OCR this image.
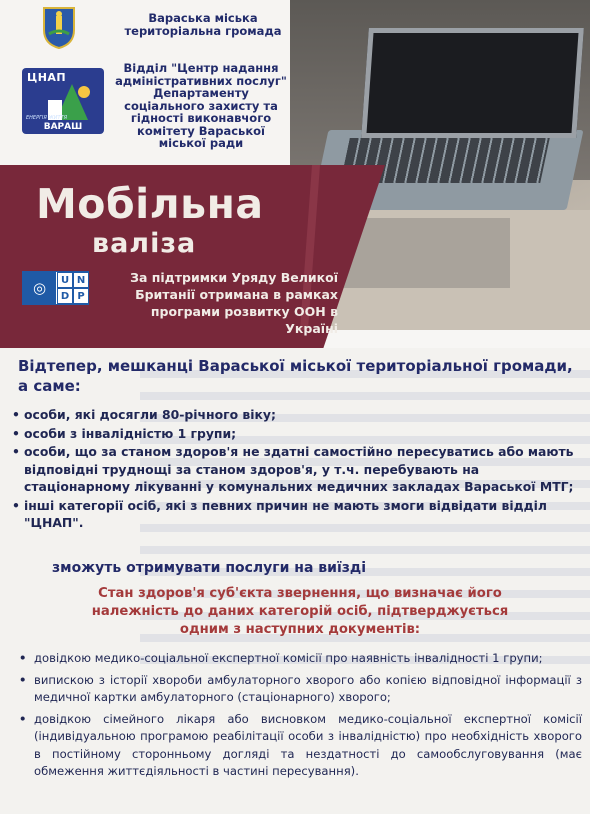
Вараська міська
територіальна громада
ЦНАП
ЕНЕРГІЯ ЖИТТЯ
ВАРАШ
Відділ "Центр надання
адміністративних послуг"
Департаменту
соціального захисту та
гідності виконавчого
комітету Вараської
міської ради
Мобільна
валіза
◎	U N
D P
За підтримки Уряду Великої
Британії отримана в рамках
програми розвитку ООН в Україні
Відтепер, мешканці Вараської міської територіальної громади, а саме:
• особи, які досягли 80-річного віку;
• особи з інвалідністю 1 групи;
• особи, що за станом здоров'я не здатні самостійно пересуватись або мають відповідні труднощі за станом здоров'я, у т.ч. перебувають на стаціонарному лікуванні у комунальних медичних закладах Вараської МТГ;
• інші категорії осіб, які з певних причин не мають змоги відвідати відділ "ЦНАП".
зможуть отримувати послуги на виїзді
Стан здоров'я суб'єкта звернення, що визначає його
належність до даних категорій осіб, підтверджується
одним з наступних документів:
• довідкою медико-соціальної експертної комісії про наявність інвалідності 1 групи;
• випискою з історії хвороби амбулаторного хворого або копією відповідної інформації з медичної картки амбулаторного (стаціонарного) хворого;
• довідкою сімейного лікаря або висновком медико-соціальної експертної комісії (індивідуальною програмою реабілітації особи з інвалідністю) про необхідність хворого в постійному сторонньому догляді та нездатності до самообслуговування (має обмеження життєдіяльності в частині пересування).
